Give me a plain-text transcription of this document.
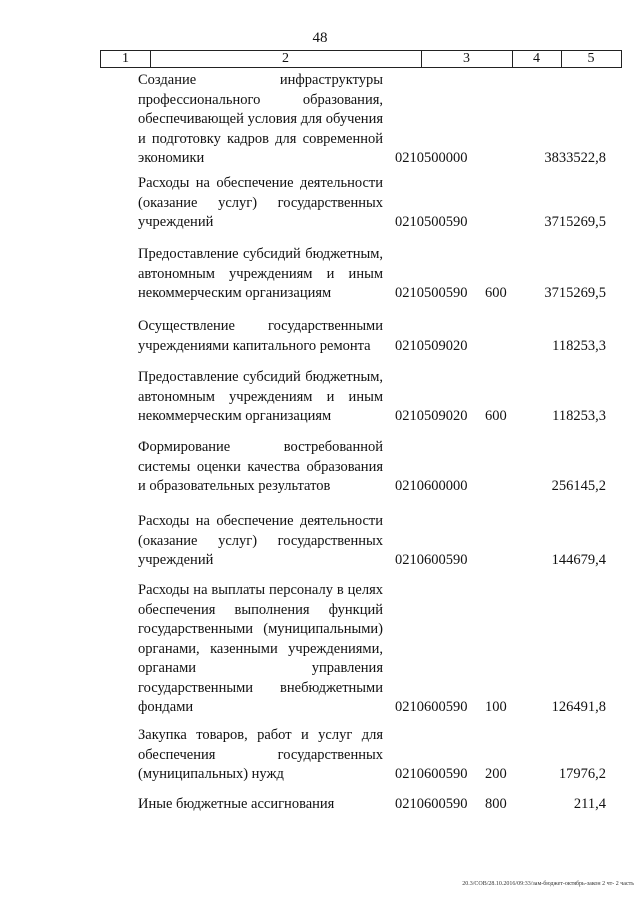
48
1	2	3	4	5
Создание инфраструктуры профессионального образования, обеспечивающей условия для обучения и подготовку кадров для современной экономики	0210500000	3833522,8
Расходы на обеспечение деятельности (оказание услуг) государственных учреждений	0210500590	3715269,5
Предоставление субсидий бюджетным, автономным учреждениям и иным некоммерческим организациям	0210500590 600	3715269,5
Осуществление государственными учреждениями капитального ремонта	0210509020	118253,3
Предоставление субсидий бюджетным, автономным учреждениям и иным некоммерческим организациям	0210509020 600	118253,3
Формирование востребованной системы оценки качества образования и образовательных результатов	0210600000	256145,2
Расходы на обеспечение деятельности (оказание услуг) государственных учреждений	0210600590	144679,4
Расходы на выплаты персоналу в целях обеспечения выполнения функций государственными (муниципальными) органами, казенными учреждениями, органами управления государственными внебюджетными фондами	0210600590 100	126491,8
Закупка товаров, работ и услуг для обеспечения государственных (муниципальных) нужд	0210600590 200	17976,2
Иные бюджетные ассигнования	0210600590 800	211,4
20.3/СОВ/28.10.2016/09:33/зам-бюджет-октябрь-закон 2 чт- 2 часть
